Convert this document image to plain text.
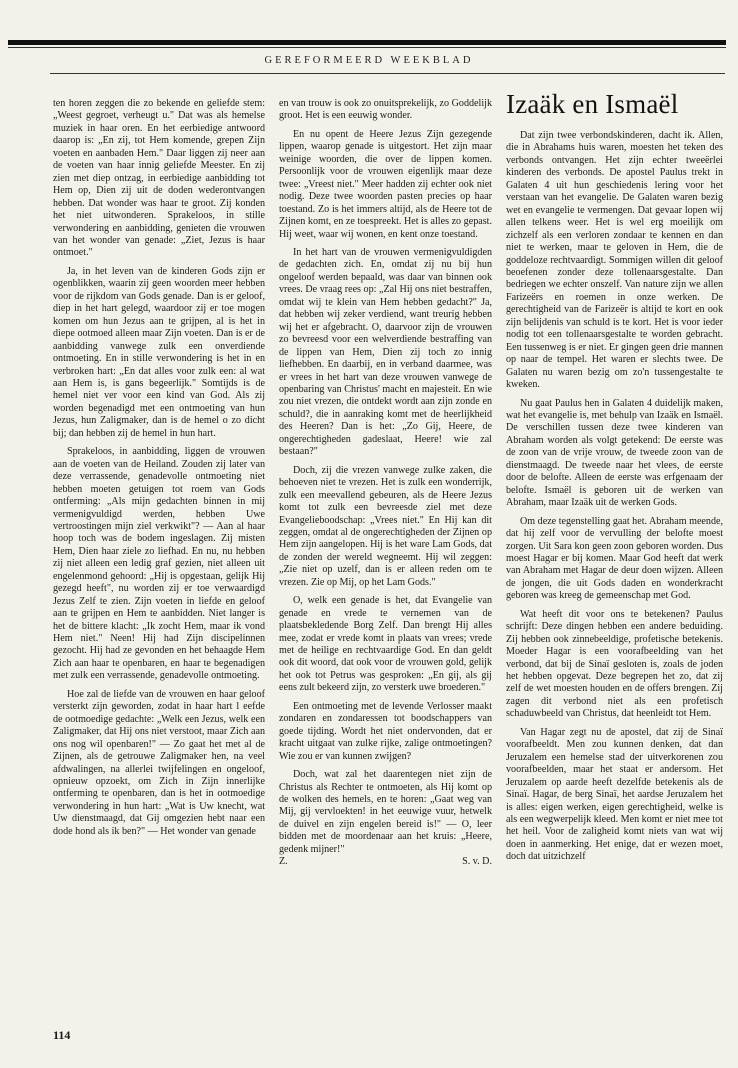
GEREFORMEERD WEEKBLAD

ten horen zeggen die zo bekende en geliefde stem: „Weest gegroet, verheugt u." Dat was als hemelse muziek in haar oren. En het eerbiedige antwoord daarop is: „En zij, tot Hem komende, grepen Zijn voeten en aanbaden Hem." Daar liggen zij neer aan de voeten van haar innig geliefde Meester. En zij zien met diep ontzag, in eerbiedige aanbidding tot Hem op, Dien zij uit de doden wederontvangen hebben. Dat wonder was haar te groot. Zij konden het niet uitwonderen. Sprakeloos, in stille verwondering en aanbidding, genieten die vrouwen van het wonder van genade: „Ziet, Jezus is haar ontmoet."

Ja, in het leven van de kinderen Gods zijn er ogenblikken, waarin zij geen woorden meer hebben voor de rijkdom van Gods genade. Dan is er geloof, diep in het hart gelegd, waardoor zij er toe mogen komen om hun Jezus aan te grijpen, al is het in diepe ootmoed alleen maar Zijn voeten. Dan is er de aanbidding vanwege zulk een onverdiende ontmoeting. En in stille verwondering is het in en verbroken hart: „En dat alles voor zulk een: al wat aan Hem is, is gans begeerlijk." Somtijds is de hemel niet ver voor een kind van God. Als zij worden begenadigd met een ontmoeting van hun Jezus, hun Zaligmaker, dan is de hemel o zo dicht bij; dan hebben zij de hemel in hun hart.

Sprakeloos, in aanbidding, liggen de vrouwen aan de voeten van de Heiland. Zouden zij later van deze verrassende, genadevolle ontmoeting niet hebben moeten getuigen tot roem van Gods ontferming: „Als mijn gedachten binnen in mij vermenigvuldigd werden, hebben Uwe vertroostingen mijn ziel verkwikt"? — Aan al haar hoop toch was de bodem ingeslagen. Zij misten Hem, Dien haar ziele zo liefhad. En nu, nu hebben zij niet alleen een ledig graf gezien, niet alleen uit engelenmond gehoord: „Hij is opgestaan, gelijk Hij gezegd heeft", nu worden zij er toe verwaardigd Jezus Zelf te zien. Zijn voeten in liefde en geloof aan te grijpen en Hem te aanbidden. Niet langer is het de bittere klacht: „Ik zocht Hem, maar ik vond Hem niet." Neen! Hij had Zijn discipelinnen gezocht. Hij had ze gevonden en het behaagde Hem Zich aan haar te openbaren, en haar te begenadigen met zulk een verrassende, genadevolle ontmoeting.

Hoe zal de liefde van de vrouwen en haar geloof versterkt zijn geworden, zodat in haar hart l eefde de ootmoedige gedachte: „Welk een Jezus, welk een Zaligmaker, dat Hij ons niet verstoot, maar Zich aan ons nog wil openbaren!" — Zo gaat het met al de Zijnen, als de getrouwe Zaligmaker hen, na veel afdwalingen, na allerlei twijfelingen en ongeloof, opnieuw opzoekt, om Zich in Zijn innerlijke ontferming te openbaren, dan is het in ootmoedige verwondering in hun hart: „Wat is Uw knecht, wat Uw dienstmaagd, dat Gij omgezien hebt naar een dode hond als ik ben?" — Het wonder van genade

en van trouw is ook zo onuitsprekelijk, zo Goddelijk groot. Het is een eeuwig wonder.

En nu opent de Heere Jezus Zijn gezegende lippen, waarop genade is uitgestort. Het zijn maar weinige woorden, die over de lippen komen. Persoonlijk voor de vrouwen eigenlijk maar deze twee: „Vreest niet." Meer hadden zij echter ook niet nodig. Deze twee woorden pasten precies op haar toestand. Zo is het immers altijd, als de Heere tot de Zijnen komt, en ze toespreekt. Het is alles zo gepast. Hij weet, waar wij wonen, en kent onze toestand.

In het hart van de vrouwen vermenigvuldigden de gedachten zich. En, omdat zij nu bij hun ongeloof werden bepaald, was daar van binnen ook vrees. De vraag rees op: „Zal Hij ons niet bestraffen, omdat wij te klein van Hem hebben gedacht?" Ja, dat hebben wij zeker verdiend, want treurig hebben wij het er afgebracht. O, daarvoor zijn de vrouwen zo bevreesd voor een welverdiende bestraffing van de lippen van Hem, Dien zij toch zo innig liefhebben. En daarbij, en in verband daarmee, was er vrees in het hart van deze vrouwen vanwege de openbaring van Christus' macht en majesteit. En wie zou niet vrezen, die ontdekt wordt aan zijn zonde en schuld?, die in aanraking komt met de heerlijkheid des Heeren? Dan is het: „Zo Gij, Heere, de ongerechtigheden gadeslaat, Heere! wie zal bestaan?"

Doch, zij die vrezen vanwege zulke zaken, die behoeven niet te vrezen. Het is zulk een wonderrijk, zulk een meevallend gebeuren, als de Heere Jezus komt tot zulk een bevreesde ziel met deze Evangelieboodschap: „Vrees niet." En Hij kan dit zeggen, omdat al de ongerechtigheden der Zijnen op Hem zijn aangelopen. Hij is het ware Lam Gods, dat de zonden der wereld wegneemt. Hij wil zeggen: „Zie niet op uzelf, dan is er alleen reden om te vrezen. Zie op Mij, op het Lam Gods."

O, welk een genade is het, dat Evangelie van genade en vrede te vernemen van de plaatsbekledende Borg Zelf. Dan brengt Hij alles mee, zodat er vrede komt in plaats van vrees; vrede met de heilige en rechtvaardige God. En dan geldt ook dit woord, dat ook voor de vrouwen gold, gelijk het ook tot Petrus was gesproken: „En gij, als gij eens zult bekeerd zijn, zo versterk uwe broederen."

Een ontmoeting met de levende Verlosser maakt zondaren en zondaressen tot boodschappers van goede tijding. Wordt het niet ondervonden, dat er kracht uitgaat van zulke rijke, zalige ontmoetingen? Wie zou er van kunnen zwijgen?

Doch, wat zal het daarentegen niet zijn de Christus als Rechter te ontmoeten, als Hij komt op de wolken des hemels, en te horen: „Gaat weg van Mij, gij vervloekten! in het eeuwige vuur, hetwelk de duivel en zijn engelen bereid is!" — O, leer bidden met de moordenaar aan het kruis: „Heere, gedenk mijner!"

Z.	S. v. D.
Izaäk en Ismaël

Dat zijn twee verbondskinderen, dacht ik. Allen, die in Abrahams huis waren, moesten het teken des verbonds ontvangen. Het zijn echter tweeërlei kinderen des verbonds. De apostel Paulus trekt in Galaten 4 uit hun geschiedenis lering voor het verstaan van het evangelie. De Galaten waren bezig wet en evangelie te vermengen. Dat gevaar lopen wij allen telkens weer. Het is wel erg moeilijk om zichzelf als een verloren zondaar te kennen en dan niet te werken, maar te geloven in Hem, die de goddeloze rechtvaardigt. Sommigen willen dit geloof beoefenen zonder deze tollenaarsgestalte. Dan bedriegen we echter onszelf. Van nature zijn we allen Farizeërs en roemen in onze werken. De gerechtigheid van de Farizeër is altijd te kort en ook zijn belijdenis van schuld is te kort. Het is voor ieder nodig tot een tollenaarsgestalte te worden gebracht. Een tussenweg is er niet. Er gingen geen drie mannen op naar de tempel. Het waren er slechts twee. De Galaten nu waren bezig om zo'n tussengestalte te kweken.

Nu gaat Paulus hen in Galaten 4 duidelijk maken, wat het evangelie is, met behulp van Izaäk en Ismaël. De verschillen tussen deze twee kinderen van Abraham worden als volgt getekend: De eerste was de zoon van de vrije vrouw, de tweede zoon van de dienstmaagd. De tweede naar het vlees, de eerste door de belofte. Alleen de eerste was erfgenaam der belofte. Ismaël is geboren uit de werken van Abraham, maar Izaäk uit de werken Gods.

Om deze tegenstelling gaat het. Abraham meende, dat hij zelf voor de vervulling der belofte moest zorgen. Uit Sara kon geen zoon geboren worden. Dus moest Hagar er bij komen. Maar God heeft dat werk van Abraham met Hagar de deur doen wijzen. Alleen de jongen, die uit Gods daden en wonderkracht geboren was kreeg de gemeenschap met God.

Wat heeft dit voor ons te betekenen? Paulus schrijft: Deze dingen hebben een andere beduiding. Zij hebben ook zinnebeeldige, profetische betekenis. Moeder Hagar is een voorafbeelding van het verbond, dat bij de Sinaï gesloten is, zoals de joden het hebben opgevat. Deze begrepen het zo, dat zij zelf de wet moesten houden en de offers brengen. Zij zagen dit verbond niet als een profetisch schaduwbeeld van Christus, dat heenleidt tot Hem.

Van Hagar zegt nu de apostel, dat zij de Sinaï voorafbeeldt. Men zou kunnen denken, dat dan Jeruzalem een hemelse stad der uitverkorenen zou voorafbeelden, maar het staat er andersom. Het Jeruzalem op aarde heeft dezelfde betekenis als de Sinaï. Hagar, de berg Sinaï, het aardse Jeruzalem het is alles: eigen werken, eigen gerechtigheid, welke is als een wegwerpelijk kleed. Men komt er niet mee tot het heil. Voor de zaligheid komt niets van wat wij doen in aanmerking. Het enige, dat er wezen moet, doch dat uitzichzelf

114
